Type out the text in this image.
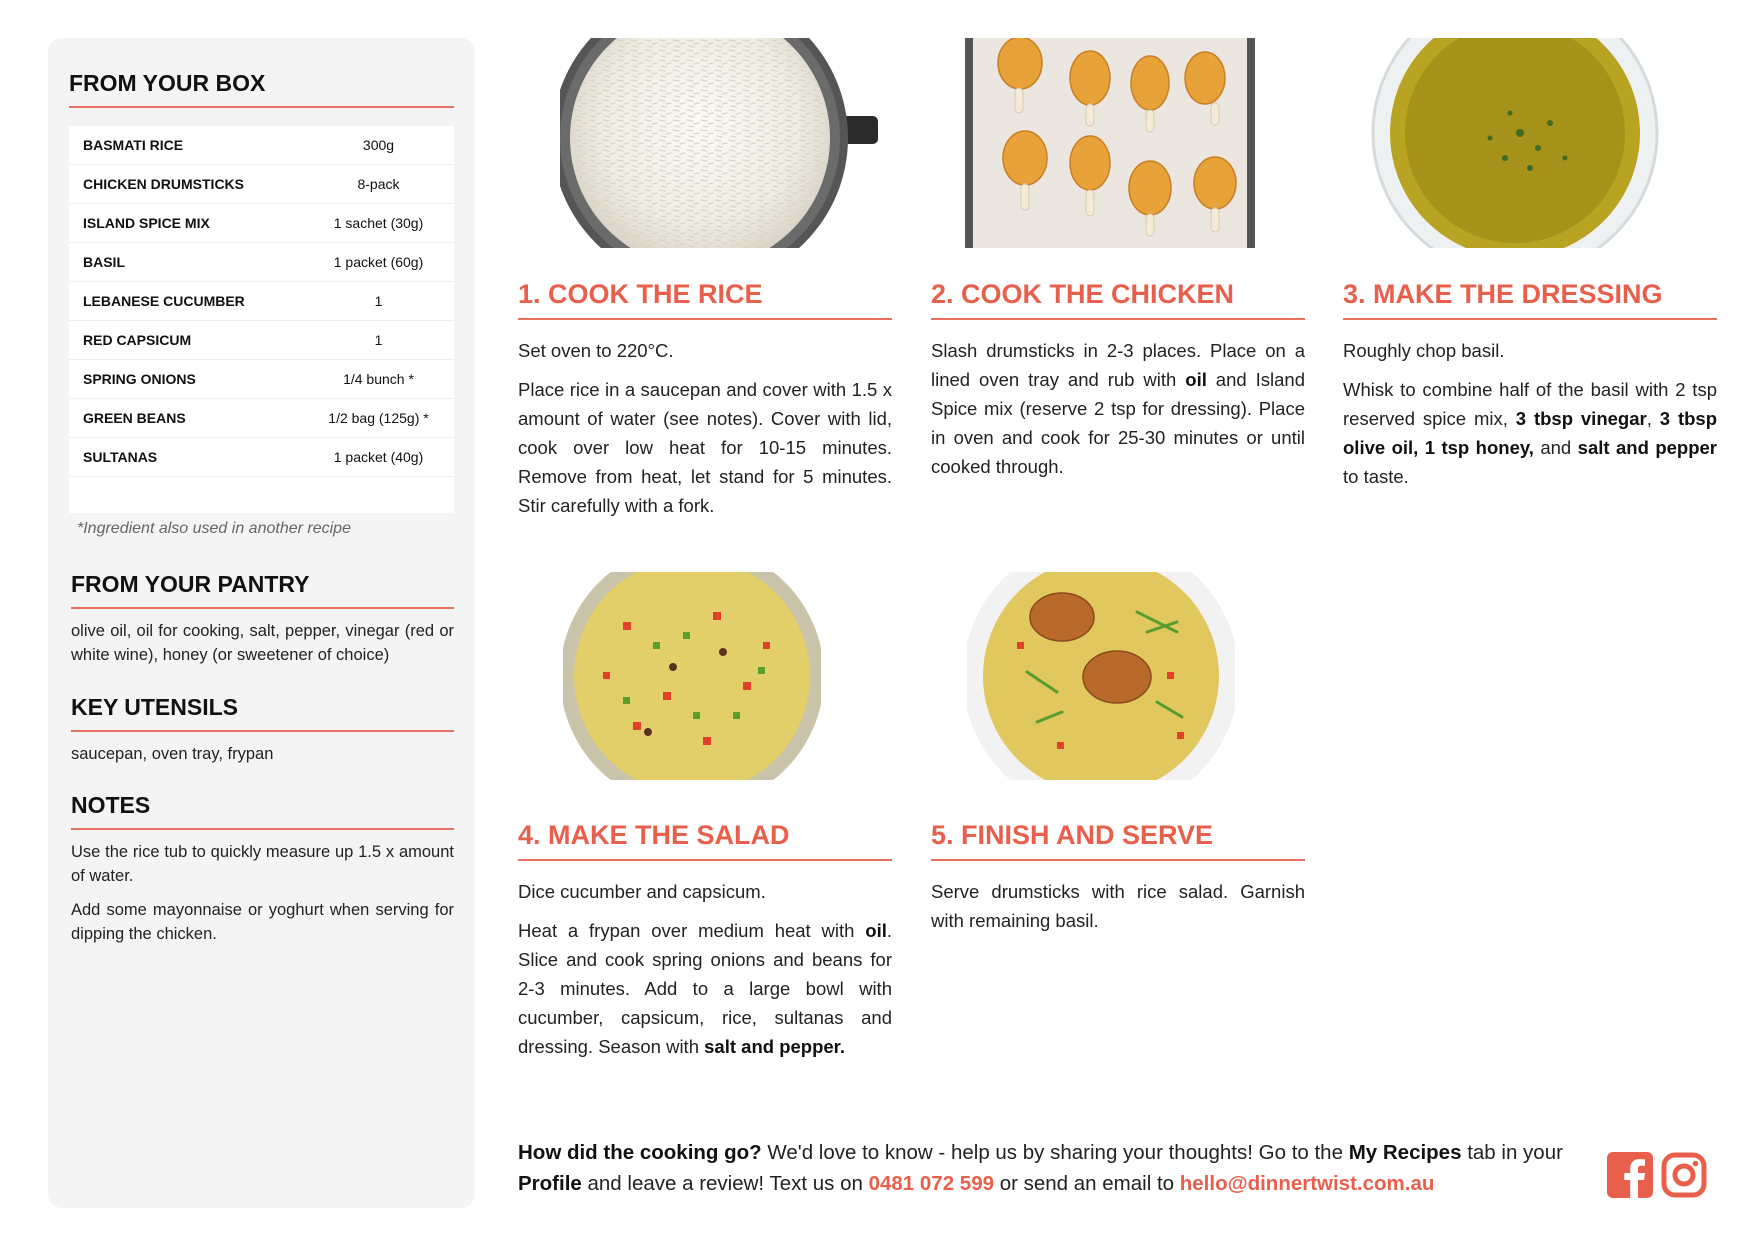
FROM YOUR BOX
BASMATI RICE	300g
CHICKEN DRUMSTICKS	8-pack
ISLAND SPICE MIX	1 sachet (30g)
BASIL	1 packet (60g)
LEBANESE CUCUMBER	1
RED CAPSICUM	1
SPRING ONIONS	1/4 bunch *
GREEN BEANS	1/2 bag (125g) *
SULTANAS	1 packet (40g)

*Ingredient also used in another recipe
FROM YOUR PANTRY

olive oil, oil for cooking, salt, pepper, vinegar (red or white wine), honey (or sweetener of choice)

KEY UTENSILS

saucepan, oven tray, frypan

NOTES

Use the rice tub to quickly measure up 1.5 x amount of water.

Add some mayonnaise or yoghurt when serving for dipping the chicken.

1. COOK THE RICE

Set oven to 220°C.

Place rice in a saucepan and cover with 1.5 x amount of water (see notes). Cover with lid, cook over low heat for 10-15 minutes. Remove from heat, let stand for 5 minutes. Stir carefully with a fork.

2. COOK THE CHICKEN

Slash drumsticks in 2-3 places. Place on a lined oven tray and rub with oil and Island Spice mix (reserve 2 tsp for dressing). Place in oven and cook for 25-30 minutes or until cooked through.

3. MAKE THE DRESSING

Roughly chop basil.

Whisk to combine half of the basil with 2 tsp reserved spice mix, 3 tbsp vinegar, 3 tbsp olive oil, 1 tsp honey, and salt and pepper to taste.

4. MAKE THE SALAD

Dice cucumber and capsicum.

Heat a frypan over medium heat with oil. Slice and cook spring onions and beans for 2-3 minutes. Add to a large bowl with cucumber, capsicum, rice, sultanas and dressing. Season with salt and pepper.

5. FINISH AND SERVE

Serve drumsticks with rice salad. Garnish with remaining basil.

How did the cooking go? We'd love to know - help us by sharing your thoughts! Go to the My Recipes tab in your Profile and leave a review! Text us on 0481 072 599 or send an email to hello@dinnertwist.com.au
